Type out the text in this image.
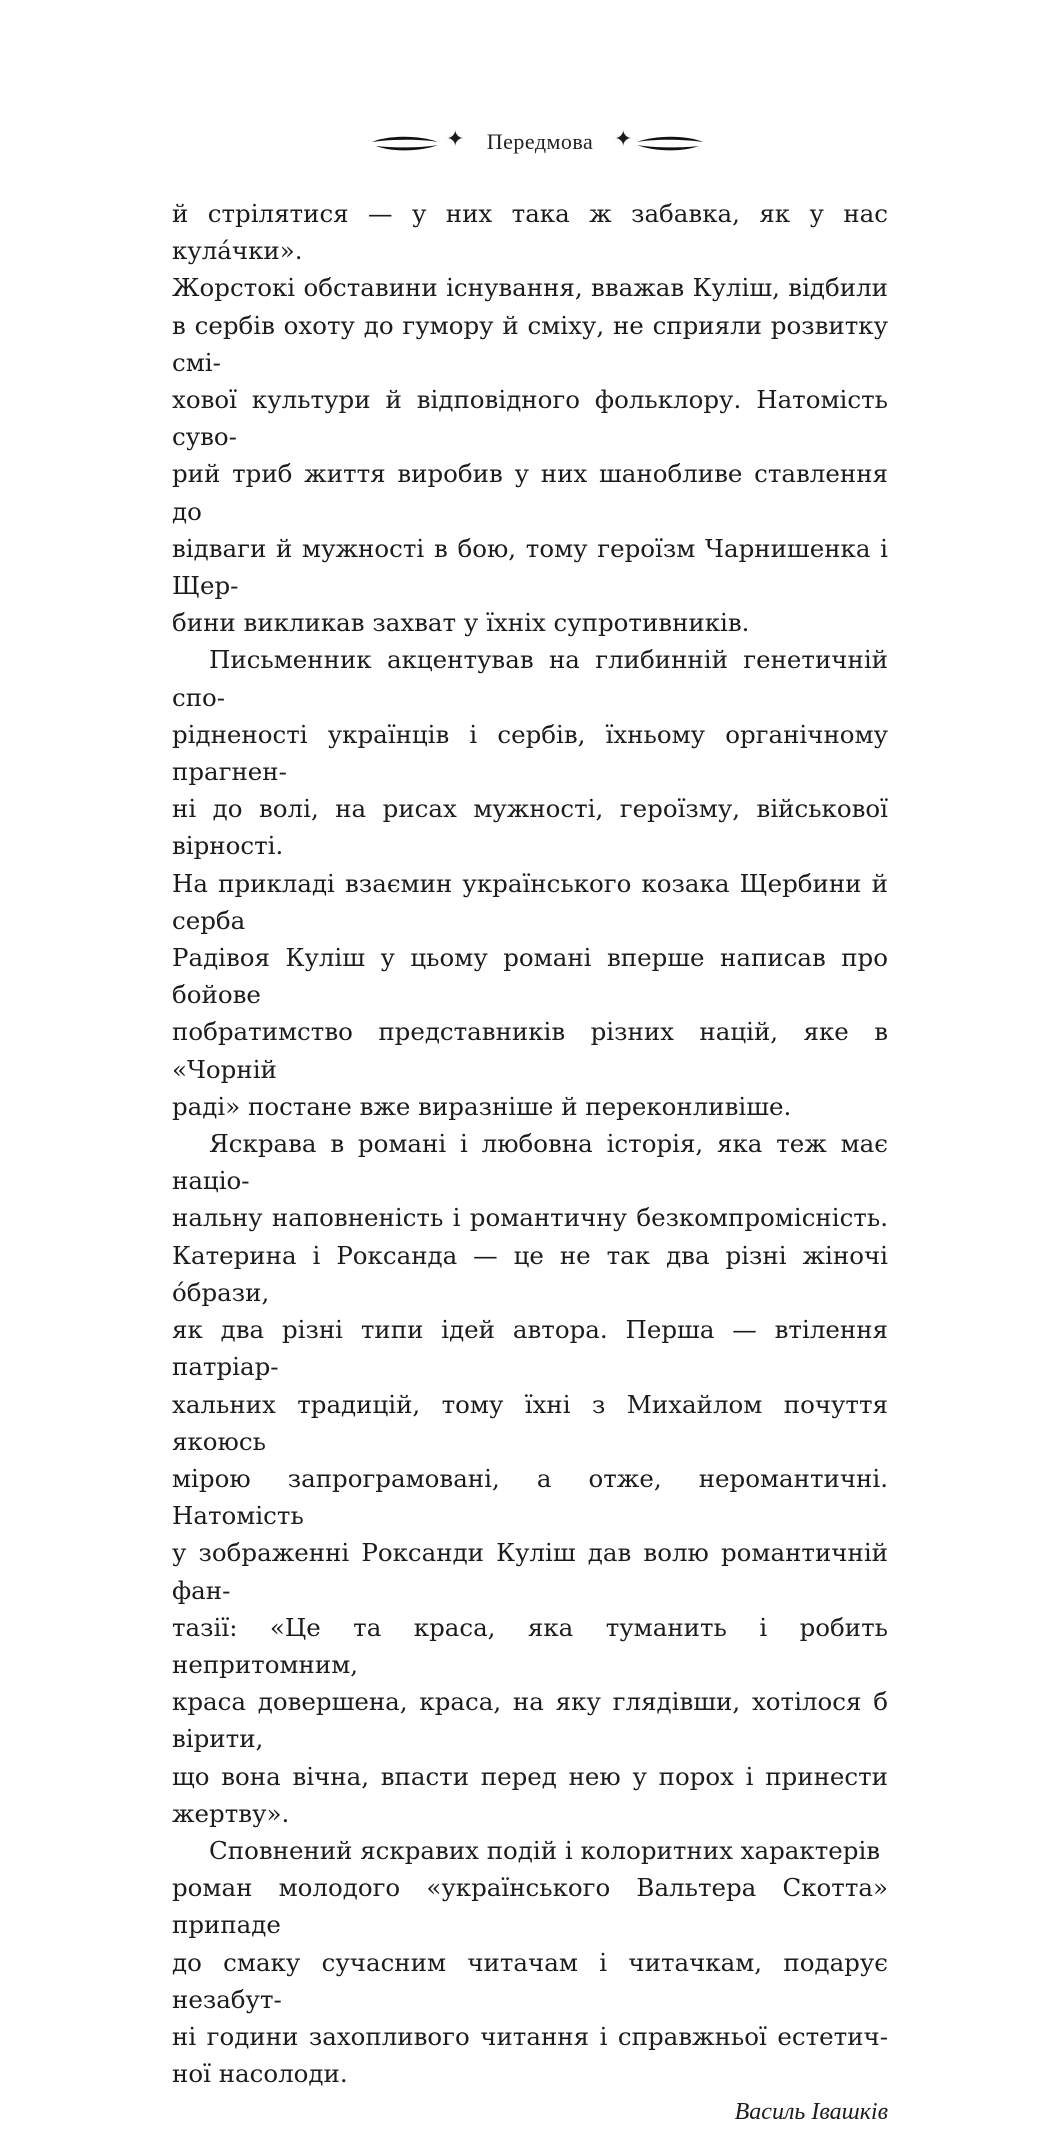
✦	Передмова ✦

й стрілятися — у них така ж забавка, як у нас кула́чки».
Жорстокі обставини існування, вважав Куліш, відбили
в сербів охоту до гумору й сміху, не сприяли розвитку смі-
хової культури й відповідного фольклору. Натомість суво-
рий триб життя виробив у них шанобливе ставлення до
відваги й мужності в бою, тому героїзм Чарнишенка і Щер-
бини викликав захват у їхніх супротивників.

Письменник акцентував на глибинній генетичній спо-
рідненості українців і сербів, їхньому органічному прагнен-
ні до волі, на рисах мужності, героїзму, військової вірності.
На прикладі взаємин українського козака Щербини й серба
Радівоя Куліш у цьому романі вперше написав про бойове
побратимство представників різних націй, яке в «Чорній
раді» постане вже виразніше й переконливіше.

Яскрава в романі і любовна історія, яка теж має націо-
нальну наповненість і романтичну безкомпромісність.
Катерина і Роксанда — це не так два різні жіночі о́брази,
як два різні типи ідей автора. Перша — втілення патріар-
хальних традицій, тому їхні з Михайлом почуття якоюсь
мірою запрограмовані, а отже, неромантичні. Натомість
у зображенні Роксанди Куліш дав волю романтичній фан-
тазії: «Це та краса, яка туманить і робить непритомним,
краса довершена, краса, на яку глядівши, хотілося б вірити,
що вона вічна, впасти перед нею у порох і принести жертву».

Сповнений яскравих подій і колоритних характерів
роман молодого «українського Вальтера Скотта» припаде
до смаку сучасним читачам і читачкам, подарує незабут-
ні години захопливого читання і справжньої естетич-
ної насолоди.

Василь Івашків
